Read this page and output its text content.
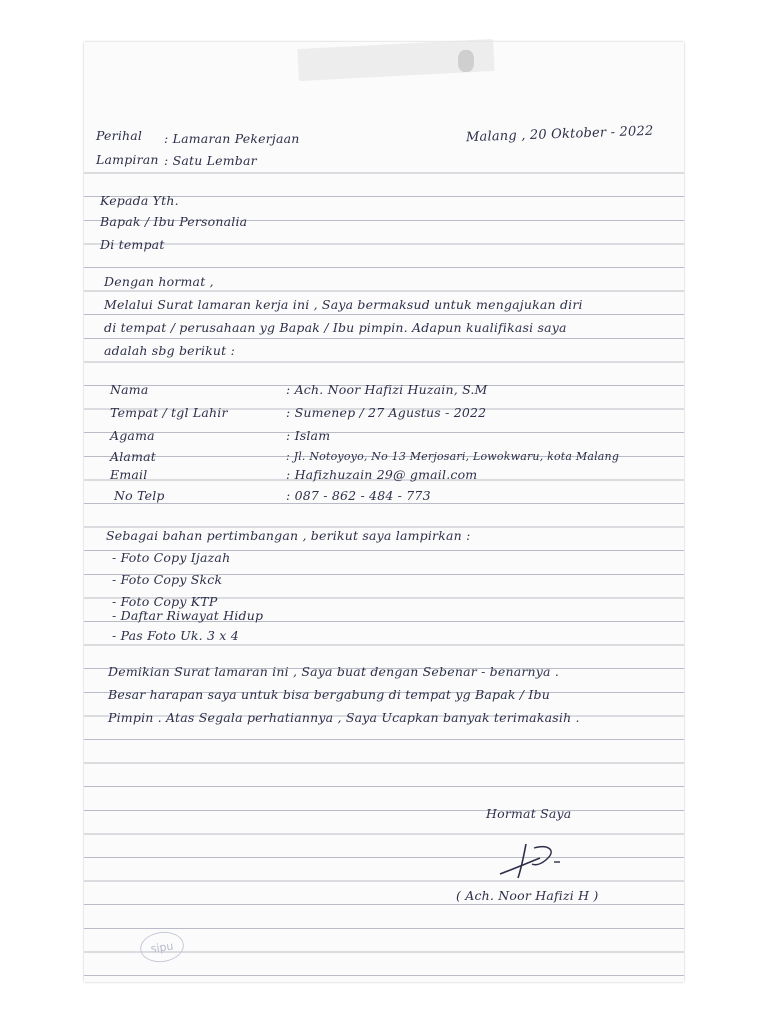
Perihal : Lamaran Pekerjaan
Lampiran : Satu Lembar
Malang , 20 Oktober - 2022
Kepada Yth.
Bapak / Ibu Personalia
Di tempat
Dengan hormat ,
Melalui Surat lamaran kerja ini , Saya bermaksud untuk mengajukan diri
di tempat / perusahaan yg Bapak / Ibu pimpin. Adapun kualifikasi saya
adalah sbg berikut :
Nama	: Ach. Noor Hafizi Huzain, S.M
Tempat / tgl Lahir	: Sumenep / 27 Agustus - 2022
Agama	: Islam
Alamat	: Jl. Notoyoyo, No 13 Merjosari, Lowokwaru, kota Malang
Email	: Hafizhuzain 29@ gmail.com
No Telp	: 087 - 862 - 484 - 773
Sebagai bahan pertimbangan , berikut saya lampirkan :
- Foto Copy Ijazah
- Foto Copy Skck
- Foto Copy KTP
- Daftar Riwayat Hidup
- Pas Foto Uk. 3 x 4
Demikian Surat lamaran ini , Saya buat dengan Sebenar - benarnya .
Besar harapan saya untuk bisa bergabung di tempat yg Bapak / Ibu
Pimpin . Atas Segala perhatiannya , Saya Ucapkan banyak terimakasih .
Hormat Saya
( Ach. Noor Hafizi H )
sipu
